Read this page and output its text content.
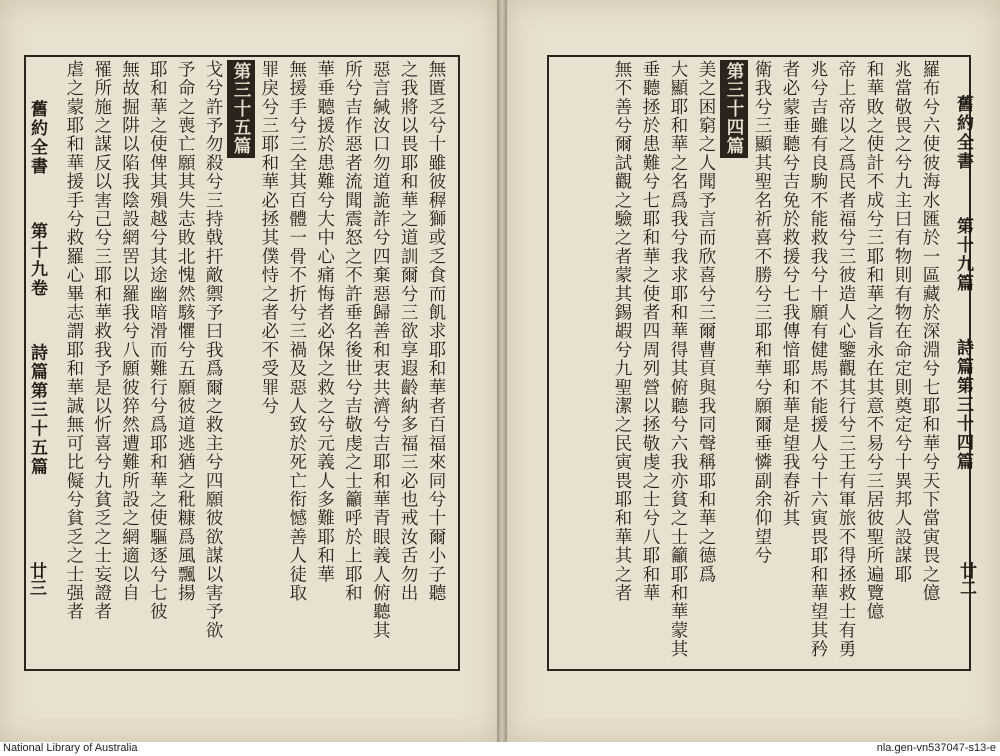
舊約全書  第十九卷  詩篇第三十五篇	無匱乏兮十雖彼稺獅或乏食而飢求耶和華者百福來同兮十爾小子聽
之我將以畏耶和華之道訓爾兮三欲享遐齡納多福三必也戒汝舌勿出
惡言緘汝口勿道詭詐兮四棄惡歸善和衷共濟兮吉耶和華青眼義人俯聽其
所兮吉作惡者流聞震怒之不許垂名後世兮吉敬虔之士籲呼於上耶和
華垂聽援於患難兮大中心痛悔者必保之救之兮元義人多難耶和華
無援手兮三全其百體一骨不折兮三禍及惡人致於死亡衔憾善人徒取
罪戾兮三耶和華必拯其僕恃之者必不受罪兮
第三十五篇
戈兮許予勿殺兮三持戟扞敵禦予曰我爲爾之救主兮四願彼欲謀以害予欲
予命之喪亡願其失志敗北愧然駭懼兮五願彼道逃猶之秕糠爲風飄揚
耶和華之使俾其殞越兮其途幽暗滑而難行兮爲耶和華之使驅逐兮七彼
無故掘阱以陷我陰設網罟以羅我兮八願彼猝然遭難所設之網適以自
罹所施之謀反以害己兮三耶和華救我予是以忻喜兮九貧乏之士妄證者
虐之蒙耶和華援手兮救羅心畢志謂耶和華誠無可比儗兮貧乏之士强者
廿三	羅布兮六使彼海水匯於一區藏於深淵兮七耶和華兮天下當寅畏之億
兆當敬畏之兮九主曰有物則有物在命定則奠定兮十異邦人設謀耶
和華敗之使計不成兮三耶和華之旨永在其意不易兮三居彼聖所遍覽億
帝上帝以之爲民者福兮三彼造人心鑒觀其行兮三王有軍旅不得拯救士有勇
兆兮吉雖有良駒不能救我兮十願有健馬不能援人兮十六寅畏耶和華望其矜
者必蒙垂聽兮吉免於救援兮七我傳愔耶和華是望我舂祈其
衛我兮三顯其聖名祈喜不勝兮三耶和華兮願爾垂憐副余仰望兮
第三十四篇
美之困窮之人聞予言而欣喜兮三爾曹頁與我同聲稱耶和華之德爲
大顯耶和華之名爲我兮我求耶和華得其俯聽兮六我亦貧之士籲耶和華蒙其
垂聽拯於患難兮七耶和華之使者四周列營以拯敬虔之士兮八耶和華
無不善兮爾試觀之驗之者蒙其錫嘏兮九聖潔之民寅畏耶和華其之者	舊約全書  第十九篇  詩篇第三十四篇
廿二
National Library of Australia	nla.gen-vn537047-s13-e
